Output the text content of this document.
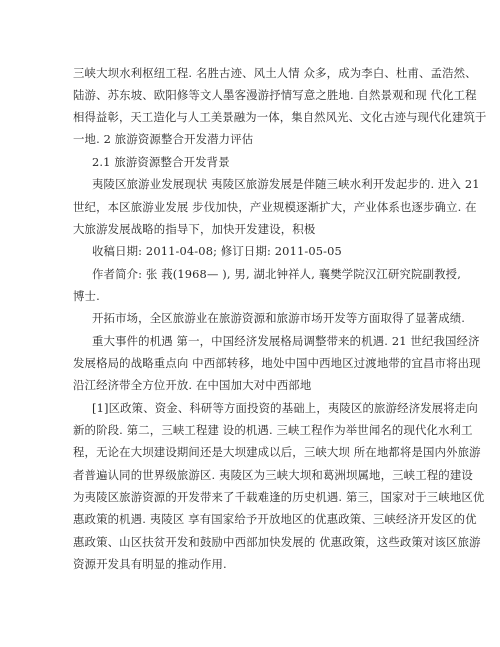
三峡大坝水利枢纽工程. 名胜古迹、风土人情 众多，成为李白、杜甫、孟浩然、
陆游、苏东坡、欧阳修等文人墨客漫游抒情写意之胜地. 自然景观和现 代化工程
相得益彰，天工造化与人工美景融为一体，集自然风光、文化古迹与现代化建筑于
一地. 2 旅游资源整合开发潜力评估
2.1 旅游资源整合开发背景
夷陵区旅游业发展现状 夷陵区旅游发展是伴随三峡水利开发起步的. 进入 21
世纪，本区旅游业发展 步伐加快，产业规模逐渐扩大，产业体系也逐步确立. 在
大旅游发展战略的指导下，加快开发建设，积极
收稿日期: 2011-04-08; 修订日期: 2011-05-05
作者简介: 张 莪(1968— ), 男, 湖北钟祥人, 襄樊学院汉江研究院副教授,
博士.
开拓市场，全区旅游业在旅游资源和旅游市场开发等方面取得了显著成绩.
重大事件的机遇 第一，中国经济发展格局调整带来的机遇. 21 世纪我国经济
发展格局的战略重点向 中西部转移，地处中国中西地区过渡地带的宜昌市将出现
沿江经济带全方位开放. 在中国加大对中西部地
[1]区政策、资金、科研等方面投资的基础上，夷陵区的旅游经济发展将走向
新的阶段. 第二，三峡工程建 设的机遇. 三峡工程作为举世闻名的现代化水利工
程，无论在大坝建设期间还是大坝建成以后，三峡大坝 所在地都将是国内外旅游
者普遍认同的世界级旅游区. 夷陵区为三峡大坝和葛洲坝属地，三峡工程的建设
为夷陵区旅游资源的开发带来了千载难逢的历史机遇. 第三，国家对于三峡地区优
惠政策的机遇. 夷陵区 享有国家给予开放地区的优惠政策、三峡经济开发区的优
惠政策、山区扶贫开发和鼓励中西部加快发展的 优惠政策，这些政策对该区旅游
资源开发具有明显的推动作用.
